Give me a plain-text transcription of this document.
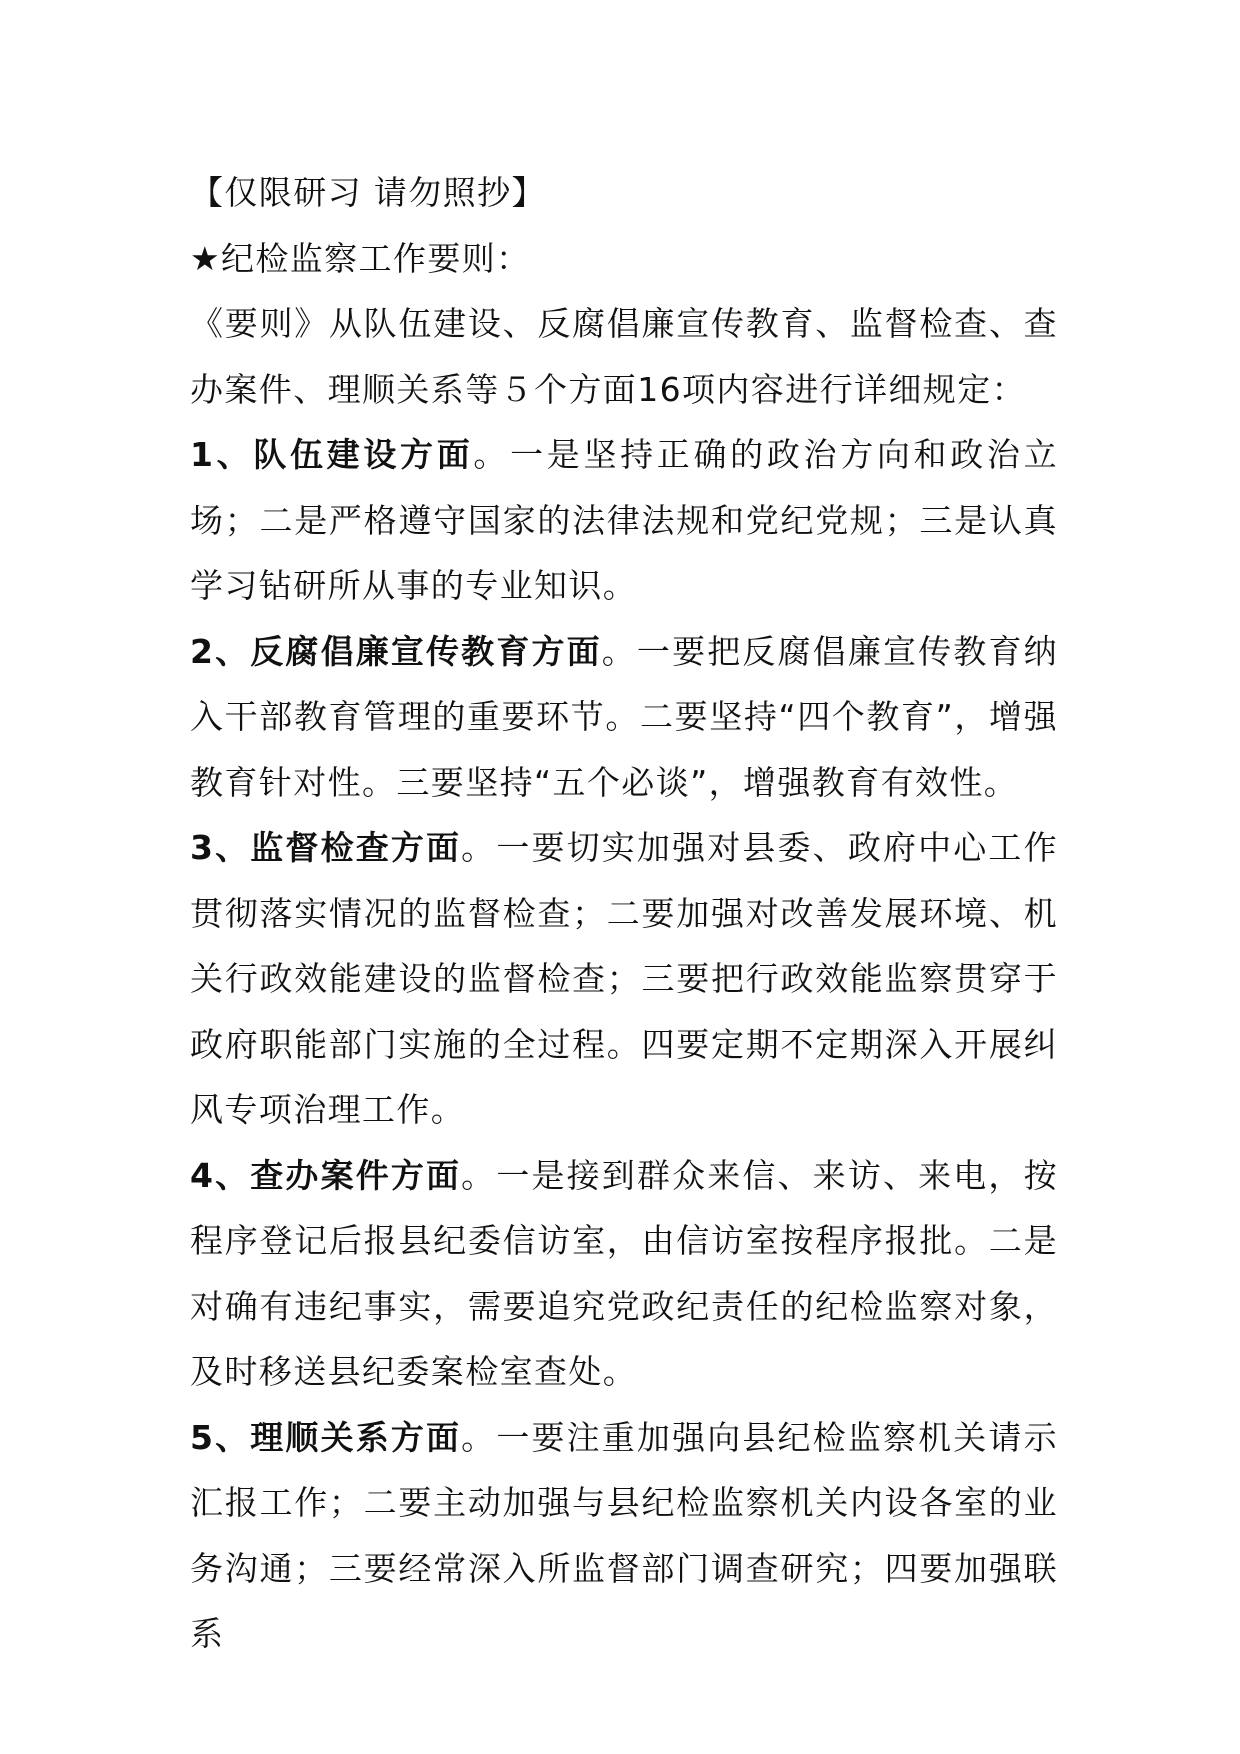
【仅限研习 请勿照抄】

★纪检监察工作要则：

《要则》从队伍建设、反腐倡廉宣传教育、监督检查、查办案件、理顺关系等５个方面16项内容进行详细规定：

1、队伍建设方面。一是坚持正确的政治方向和政治立场；二是严格遵守国家的法律法规和党纪党规；三是认真学习钻研所从事的专业知识。

2、反腐倡廉宣传教育方面。一要把反腐倡廉宣传教育纳入干部教育管理的重要环节。二要坚持“四个教育”，增强教育针对性。三要坚持“五个必谈”，增强教育有效性。

3、监督检查方面。一要切实加强对县委、政府中心工作贯彻落实情况的监督检查；二要加强对改善发展环境、机关行政效能建设的监督检查；三要把行政效能监察贯穿于政府职能部门实施的全过程。四要定期不定期深入开展纠风专项治理工作。

4、查办案件方面。一是接到群众来信、来访、来电，按程序登记后报县纪委信访室，由信访室按程序报批。二是对确有违纪事实，需要追究党政纪责任的纪检监察对象，及时移送县纪委案检室查处。

5、理顺关系方面。一要注重加强向县纪检监察机关请示汇报工作；二要主动加强与县纪检监察机关内设各室的业务沟通；三要经常深入所监督部门调查研究；四要加强联系
